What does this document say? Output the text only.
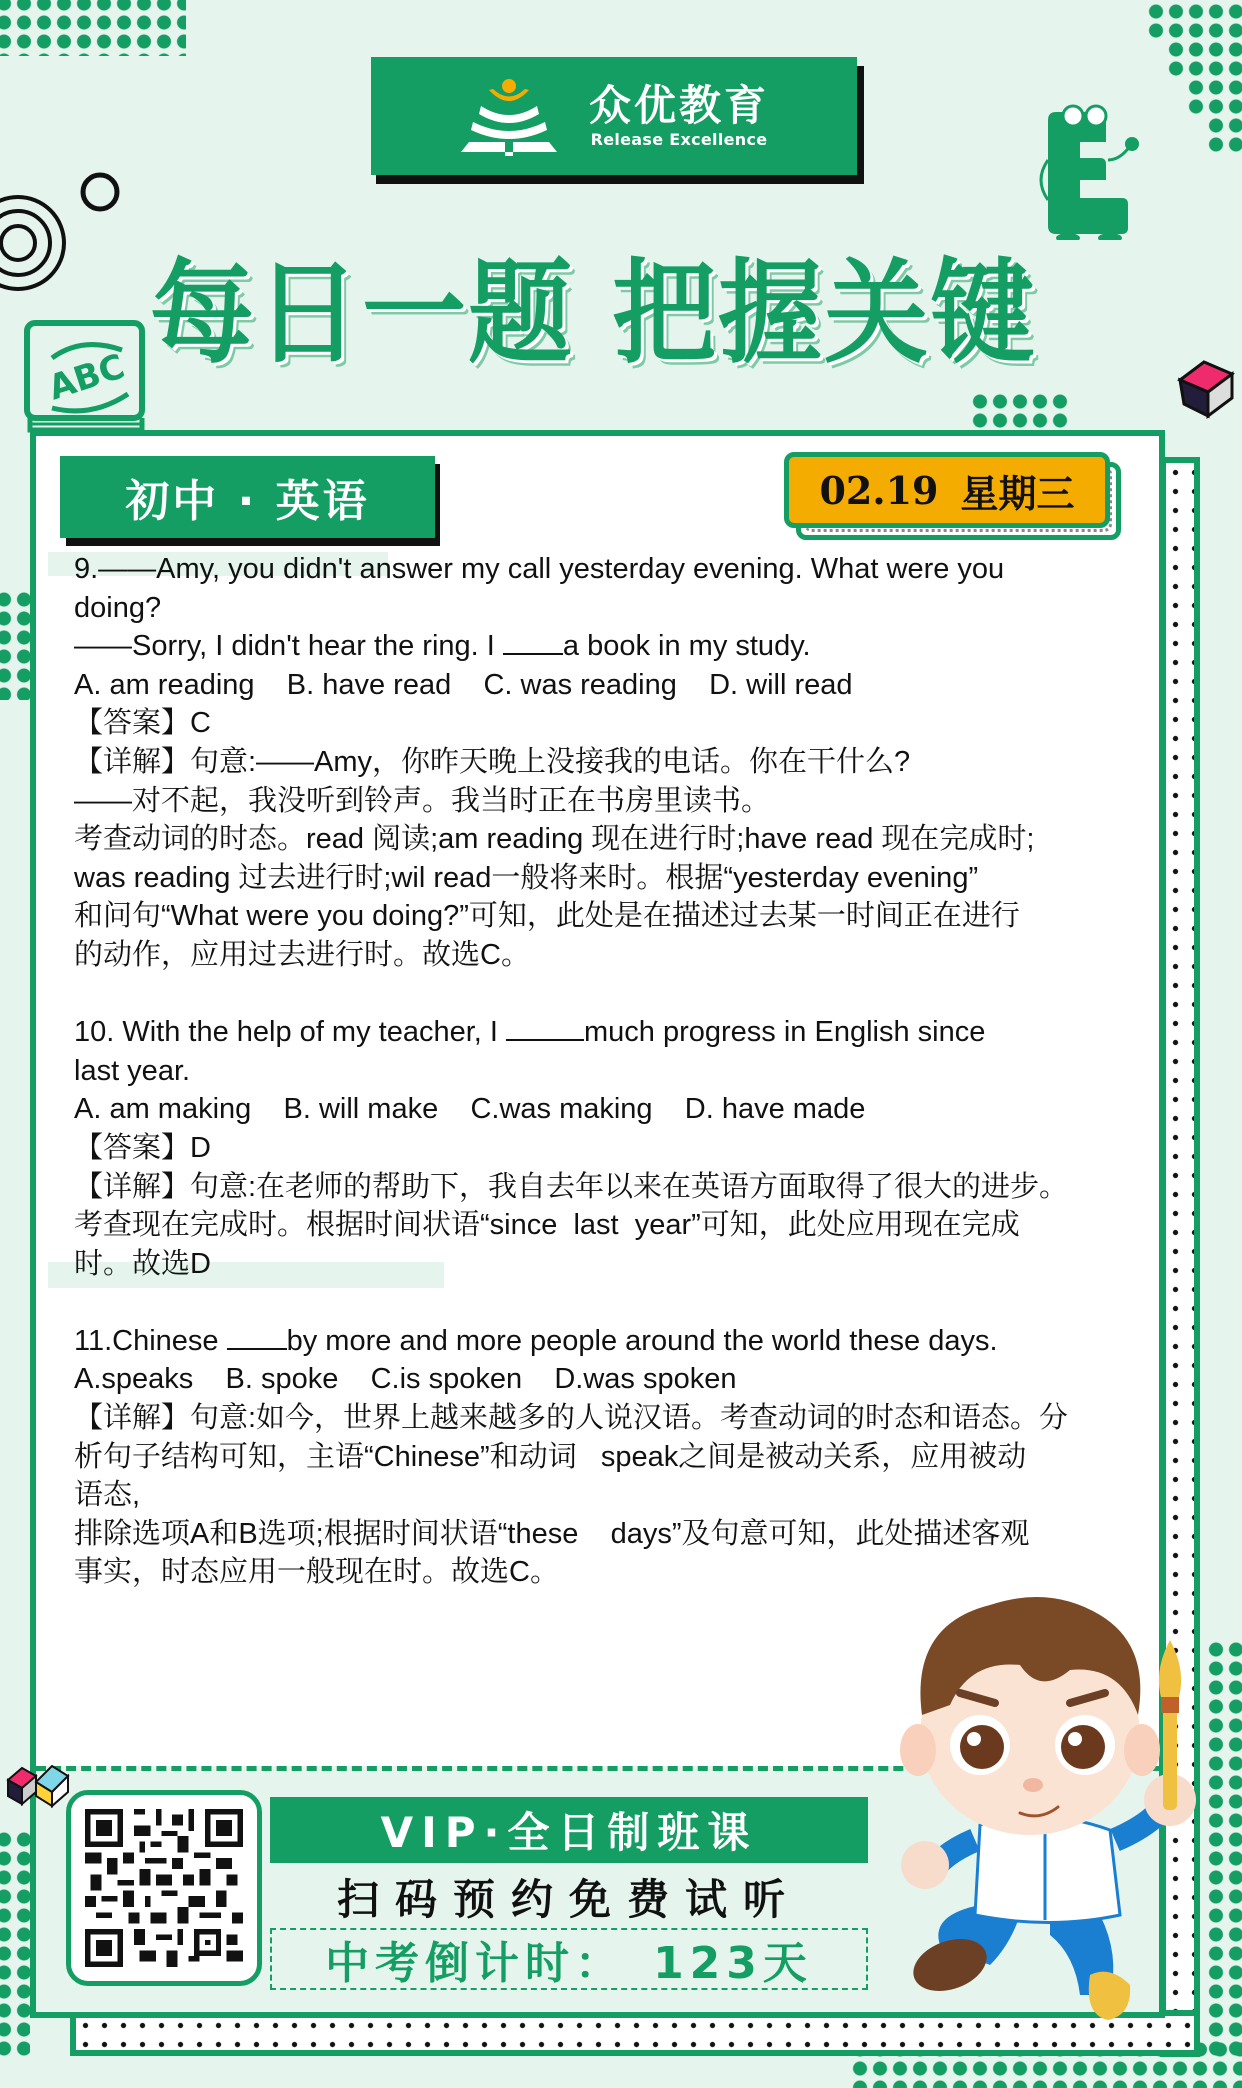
ABC
众优教育
Release Excellence
每日一题 把握关键
初中 · 英语	02.19 星期三

9.——Amy, you didn't answer my call yesterday evening. What were you

doing?

——Sorry, I didn't hear the ring. I a book in my study.

A. am reading    B. have read    C. was reading    D. will read

【答案】C

【详解】句意:——Amy，你昨天晚上没接我的电话。你在干什么?

——对不起，我没听到铃声。我当时正在书房里读书。

考查动词的时态。read 阅读;am reading 现在进行时;have read 现在完成时;

was reading 过去进行时;wil read一般将来时。根据“yesterday evening”

和问句“What were you doing?”可知，此处是在描述过去某一时间正在进行

的动作，应用过去进行时。故选C。

10. With the help of my teacher, I	much progress in English since

last year.

A. am making    B. will make    C.was making    D. have made

【答案】D

【详解】句意:在老师的帮助下，我自去年以来在英语方面取得了很大的进步。

考查现在完成时。根据时间状语“since  last  year”可知，此处应用现在完成

时。故选D

11.Chinese by more and more people around the world these days.

A.speaks    B. spoke    C.is spoken    D.was spoken

【详解】句意:如今，世界上越来越多的人说汉语。考查动词的时态和语态。分

析句子结构可知，主语“Chinese”和动词   speak之间是被动关系，应用被动

语态,

排除选项A和B选项;根据时间状语“these    days”及句意可知，此处描述客观

事实，时态应用一般现在时。故选C。

VIP·全日制班课
扫码预约免费试听
中考倒计时： 123天
